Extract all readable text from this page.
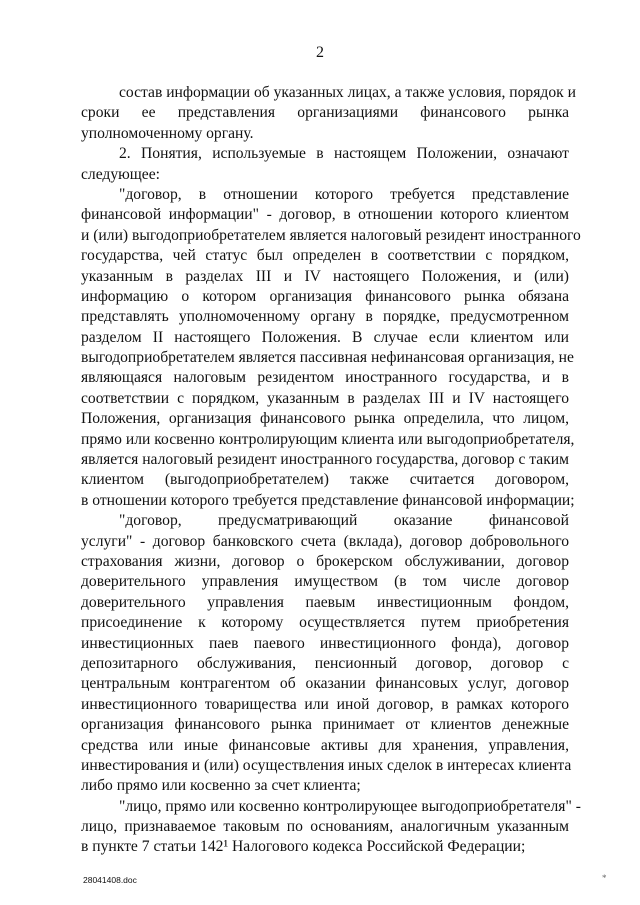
2
состав информации об указанных лицах, а также условия, порядок и
сроки ее представления организациями финансового рынка
уполномоченному органу.
2. Понятия, используемые в настоящем Положении, означают
следующее:
"договор, в отношении которого требуется представление
финансовой информации" - договор, в отношении которого клиентом
и (или) выгодоприобретателем является налоговый резидент иностранного
государства, чей статус был определен в соответствии с порядком,
указанным в разделах III и IV настоящего Положения, и (или)
информацию о котором организация финансового рынка обязана
представлять уполномоченному органу в порядке, предусмотренном
разделом II настоящего Положения. В случае если клиентом или
выгодоприобретателем является пассивная нефинансовая организация, не
являющаяся налоговым резидентом иностранного государства, и в
соответствии с порядком, указанным в разделах III и IV настоящего
Положения, организация финансового рынка определила, что лицом,
прямо или косвенно контролирующим клиента или выгодоприобретателя,
является налоговый резидент иностранного государства, договор с таким
клиентом (выгодоприобретателем) также считается договором,
в отношении которого требуется представление финансовой информации;
"договор, предусматривающий оказание финансовой
услуги" - договор банковского счета (вклада), договор добровольного
страхования жизни, договор о брокерском обслуживании, договор
доверительного управления имуществом (в том числе договор
доверительного управления паевым инвестиционным фондом,
присоединение к которому осуществляется путем приобретения
инвестиционных паев паевого инвестиционного фонда), договор
депозитарного обслуживания, пенсионный договор, договор с
центральным контрагентом об оказании финансовых услуг, договор
инвестиционного товарищества или иной договор, в рамках которого
организация финансового рынка принимает от клиентов денежные
средства или иные финансовые активы для хранения, управления,
инвестирования и (или) осуществления иных сделок в интересах клиента
либо прямо или косвенно за счет клиента;
"лицо, прямо или косвенно контролирующее выгодоприобретателя" -
лицо, признаваемое таковым по основаниям, аналогичным указанным
в пункте 7 статьи 142¹ Налогового кодекса Российской Федерации;
28041408.doc	*
